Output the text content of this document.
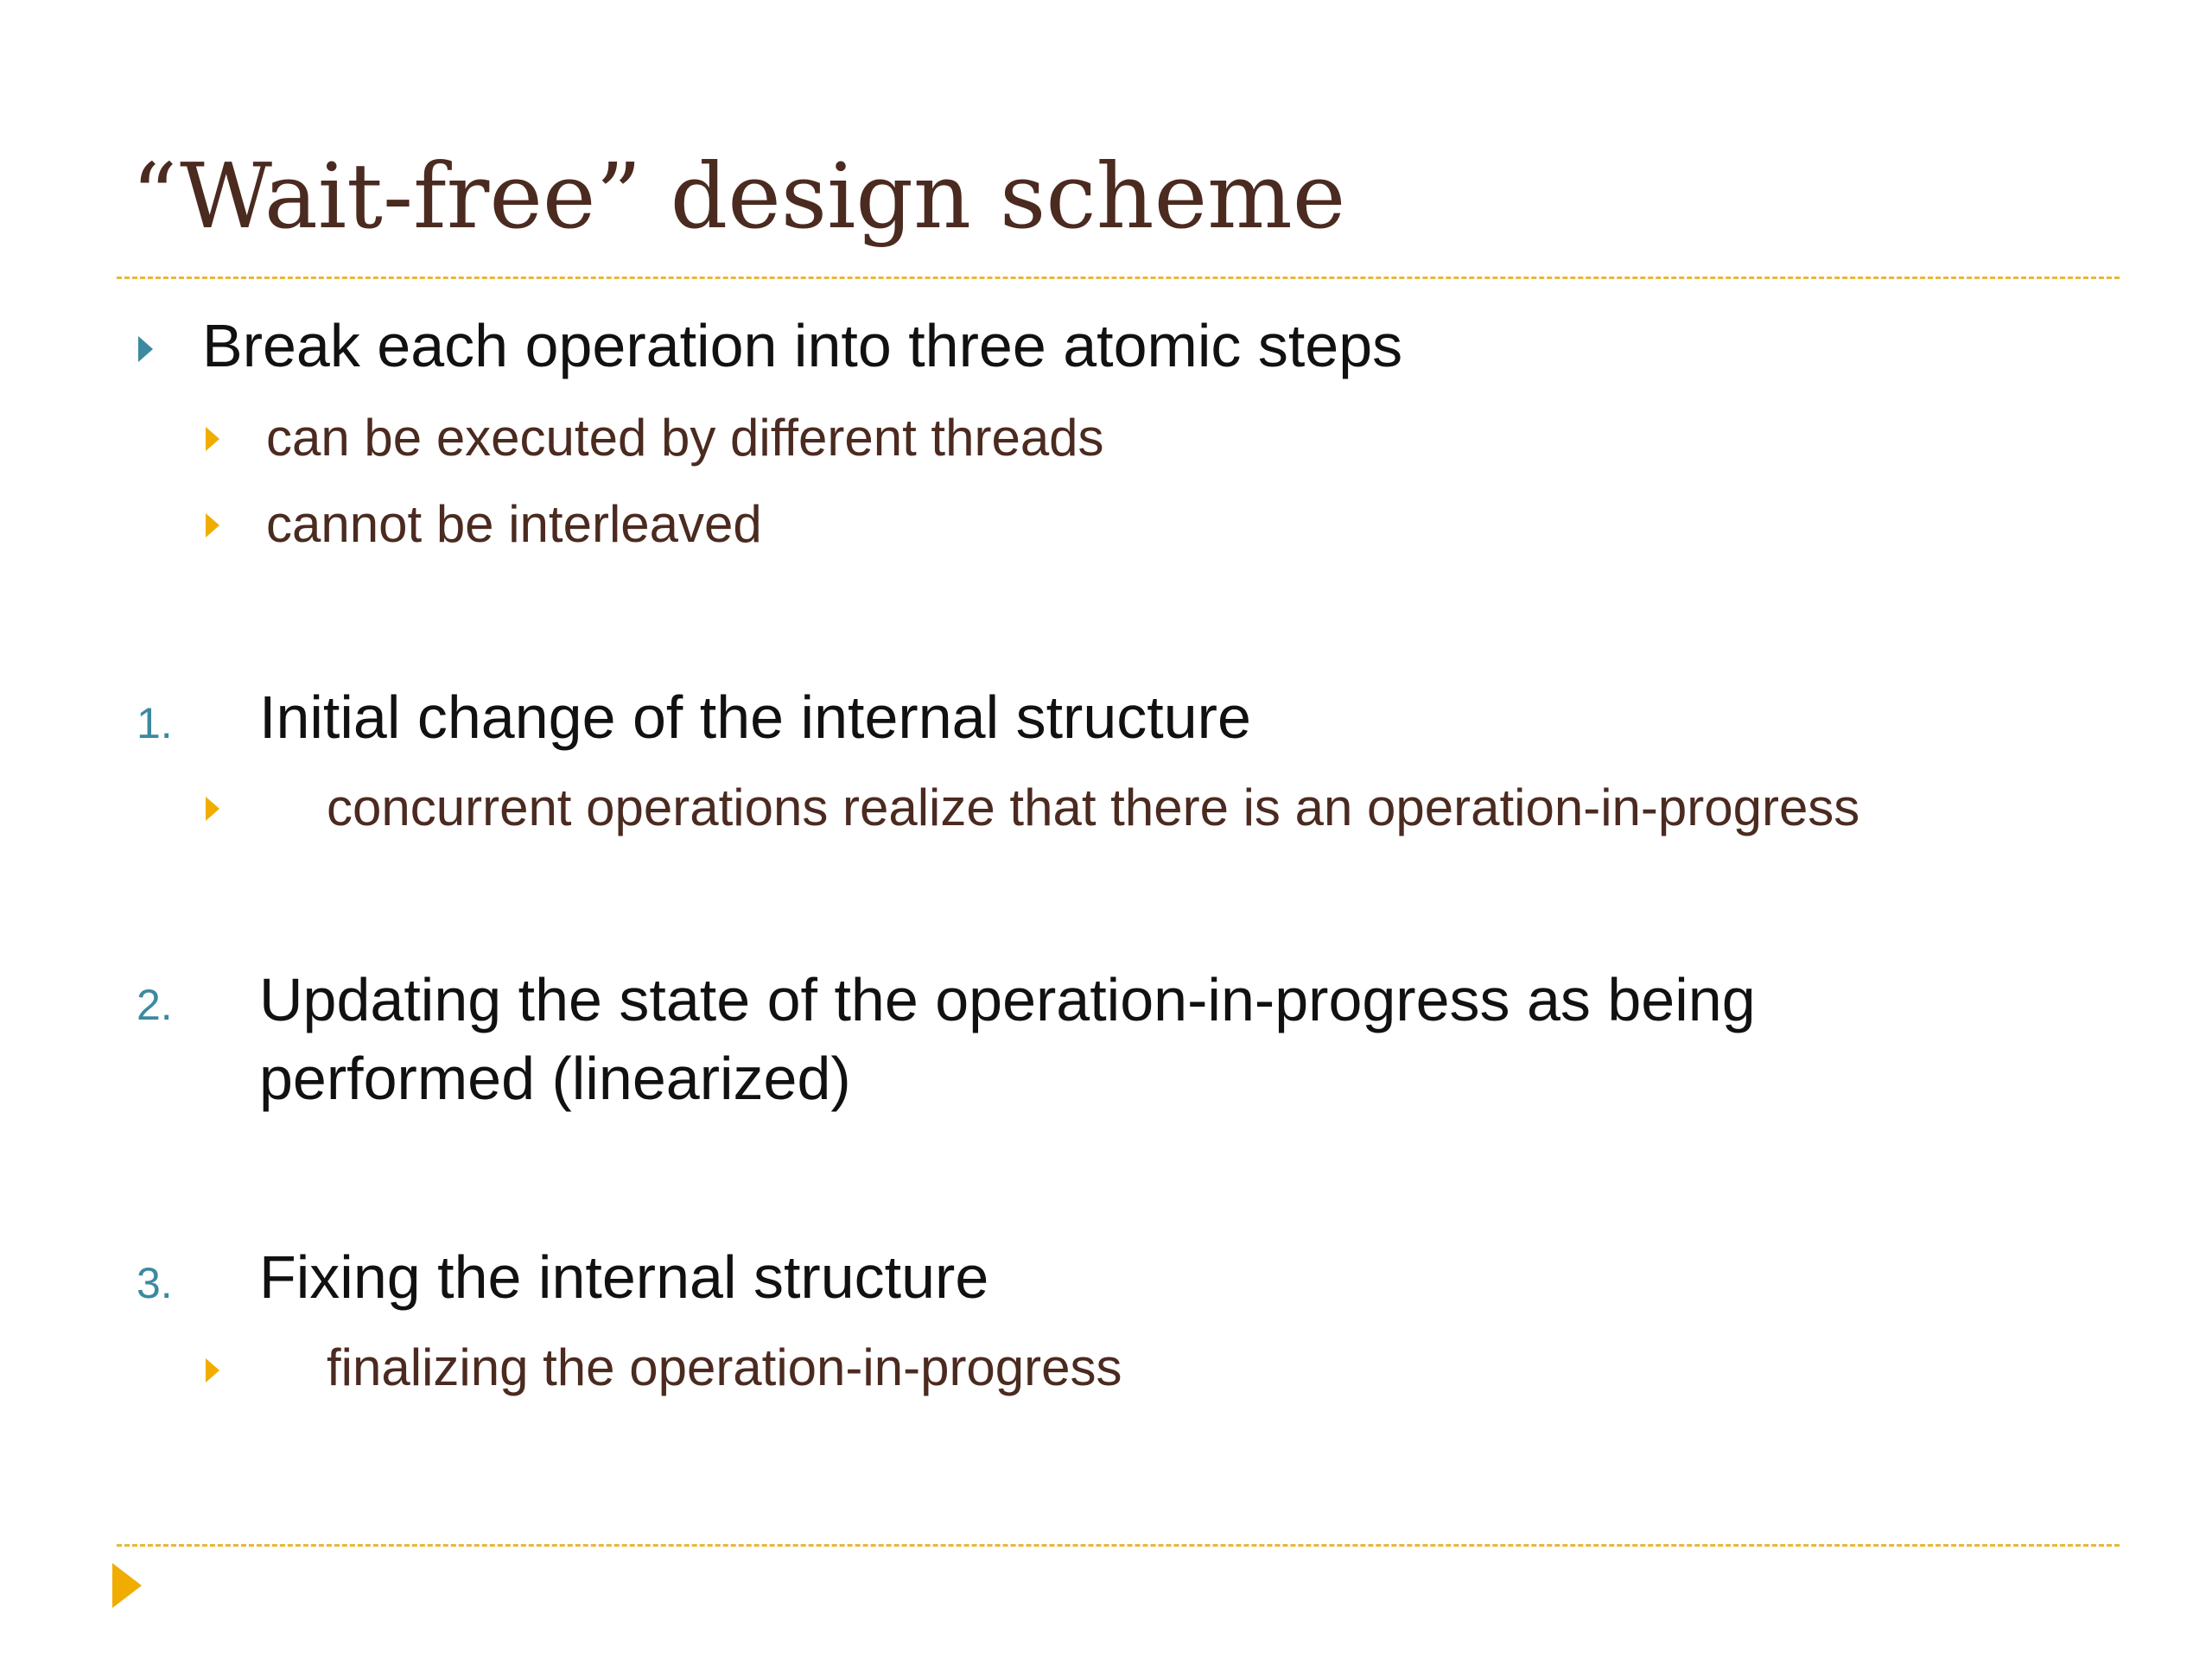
“Wait-free” design scheme
Break each operation into three atomic steps
can be executed by different threads
cannot be interleaved
1. Initial change of the internal structure
concurrent operations realize that there is an operation-in-progress
2. Updating the state of the operation-in-progress as being
performed (linearized)
3. Fixing the internal structure
finalizing the operation-in-progress
